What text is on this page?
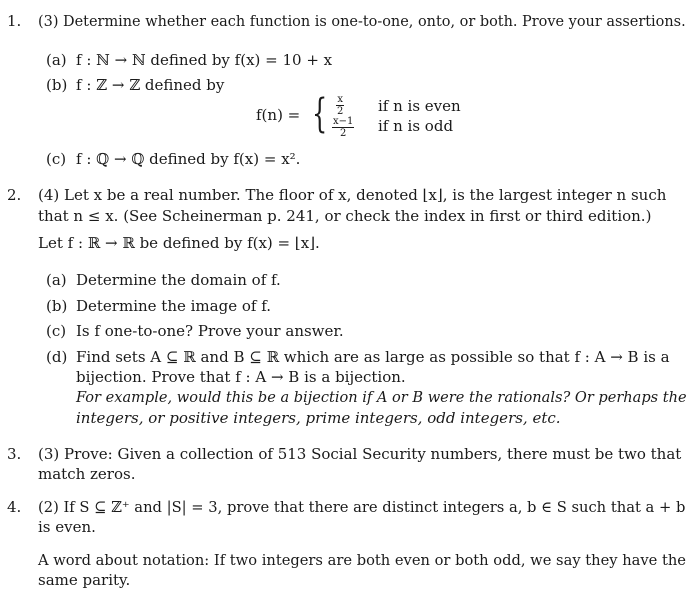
1. (3) Determine whether each function is one-to-one, onto, or both. Prove your assertions.
(a) f : ℕ → ℕ defined by f(x) = 10 + x
(b) f : ℤ → ℤ defined by
f(n) = { $\frac{x}{2}$ if n is even
$\frac{x-1}{2}$ if n is odd
(c) f : ℚ → ℚ defined by f(x) = x².
2. (4) Let x be a real number. The floor of x, denoted ⌊x⌋, is the largest integer n such
that n ≤ x. (See Scheinerman p. 241, or check the index in first or third edition.)
Let f : ℝ → ℝ be defined by f(x) = ⌊x⌋.
(a) Determine the domain of f.
(b) Determine the image of f.
(c) Is f one-to-one? Prove your answer.
(d) Find sets A ⊆ ℝ and B ⊆ ℝ which are as large as possible so that f : A → B is a
bijection. Prove that f : A → B is a bijection.
For example, would this be a bijection if A or B were the rationals? Or perhaps the
integers, or positive integers, prime integers, odd integers, etc.
3. (3) Prove: Given a collection of 513 Social Security numbers, there must be two that
match zeros.
4. (2) If S ⊆ ℤ⁺ and |S| = 3, prove that there are distinct integers a, b ∈ S such that a + b
is even.
A word about notation: If two integers are both even or both odd, we say they have the
same parity.
